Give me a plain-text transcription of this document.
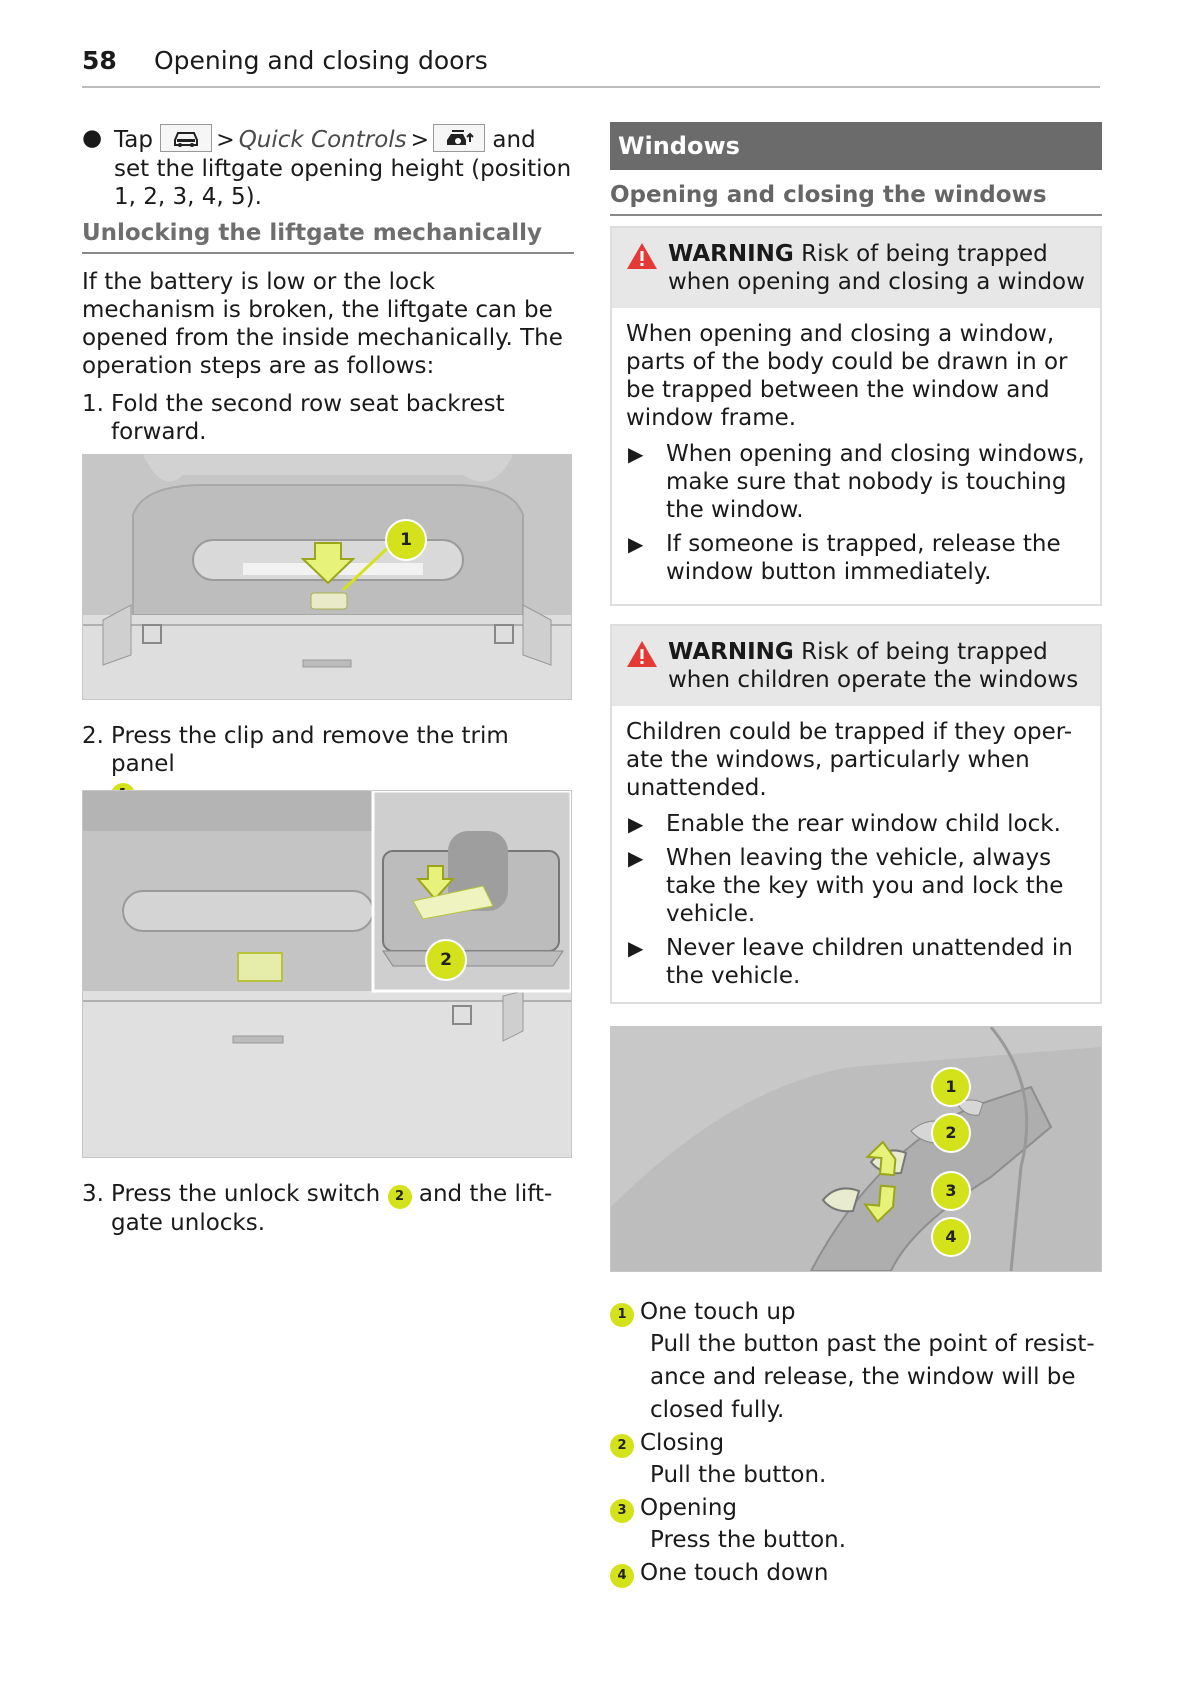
58 Opening and closing doors
● Tap	> Quick Controls >	and set the liftgate opening height (position 1, 2, 3, 4, 5).
Unlocking the liftgate mechanically
If the battery is low or the lock mechanism is broken, the liftgate can be opened from the inside mechanically. The operation steps are as follows:
1. Fold the second row seat backrest forward.
1
2. Press the clip and remove the trim panel

2
3. Press the unlock switch 2 and the lift-gate unlocks.
Windows
Opening and closing the windows
WARNING Risk of being trapped when opening and closing a window

When opening and closing a window, parts of the body could be drawn in or be trapped between the window and window frame.

▶ When opening and closing windows, make sure that nobody is touching the window.
▶ If someone is trapped, release the window button immediately.
WARNING Risk of being trapped when children operate the windows

Children could be trapped if they oper-ate the windows, particularly when unattended.

▶ Enable the rear window child lock.
▶ When leaving the vehicle, always take the key with you and lock the vehicle.
▶ Never leave children unattended in the vehicle.
1
2
3
4
1 One touch up
Pull the button past the point of resist-ance and release, the window will be closed fully.
2 Closing
Pull the button.
3 Opening
Press the button.
4 One touch down
